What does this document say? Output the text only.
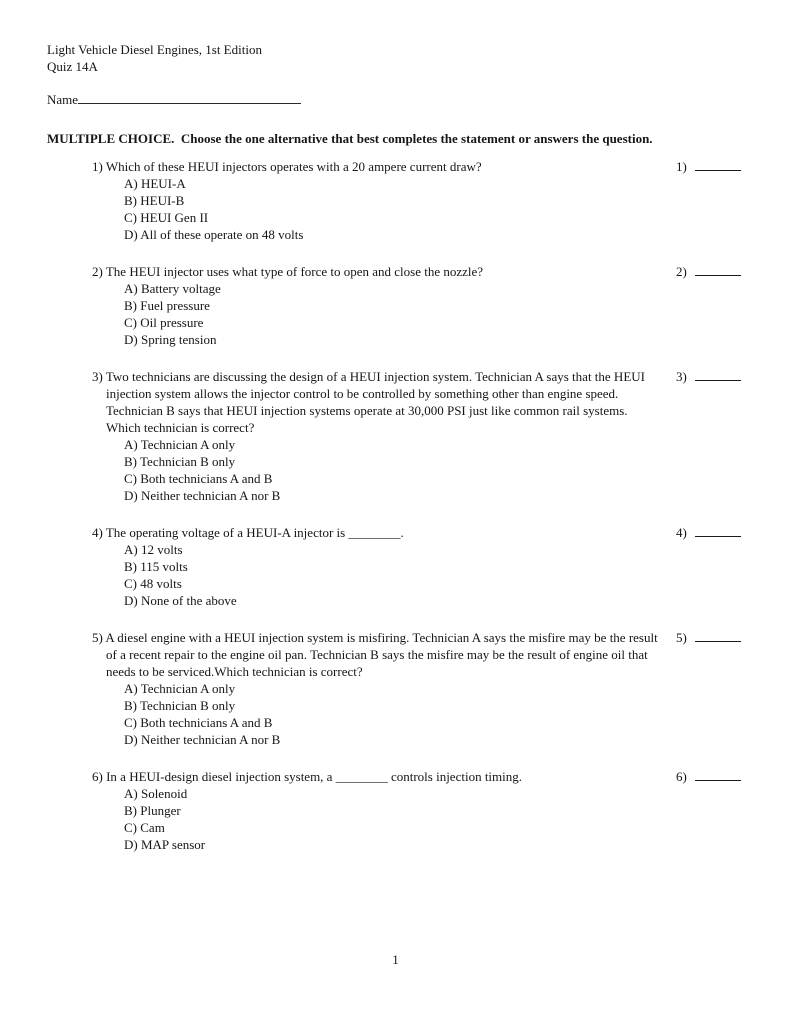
Light Vehicle Diesel Engines, 1st Edition
Quiz 14A
Name
MULTIPLE CHOICE.  Choose the one alternative that best completes the statement or answers the question.
1) Which of these HEUI injectors operates with a 20 ampere current draw?
A) HEUI-A
B) HEUI-B
C) HEUI Gen II
D) All of these operate on 48 volts
1)
2) The HEUI injector uses what type of force to open and close the nozzle?
A) Battery voltage
B) Fuel pressure
C) Oil pressure
D) Spring tension
2)
3) Two technicians are discussing the design of a HEUI injection system. Technician A says that the HEUI injection system allows the injector control to be controlled by something other than engine speed. Technician B says that HEUI injection systems operate at 30,000 PSI just like common rail systems. Which technician is correct?
A) Technician A only
B) Technician B only
C) Both technicians A and B
D) Neither technician A nor B
3)
4) The operating voltage of a HEUI-A injector is ________.
A) 12 volts
B) 115 volts
C) 48 volts
D) None of the above
4)
5) A diesel engine with a HEUI injection system is misfiring. Technician A says the misfire may be the result of a recent repair to the engine oil pan. Technician B says the misfire may be the result of engine oil that needs to be serviced.Which technician is correct?
A) Technician A only
B) Technician B only
C) Both technicians A and B
D) Neither technician A nor B
5)
6) In a HEUI-design diesel injection system, a ________ controls injection timing.
A) Solenoid
B) Plunger
C) Cam
D) MAP sensor
6)
1
